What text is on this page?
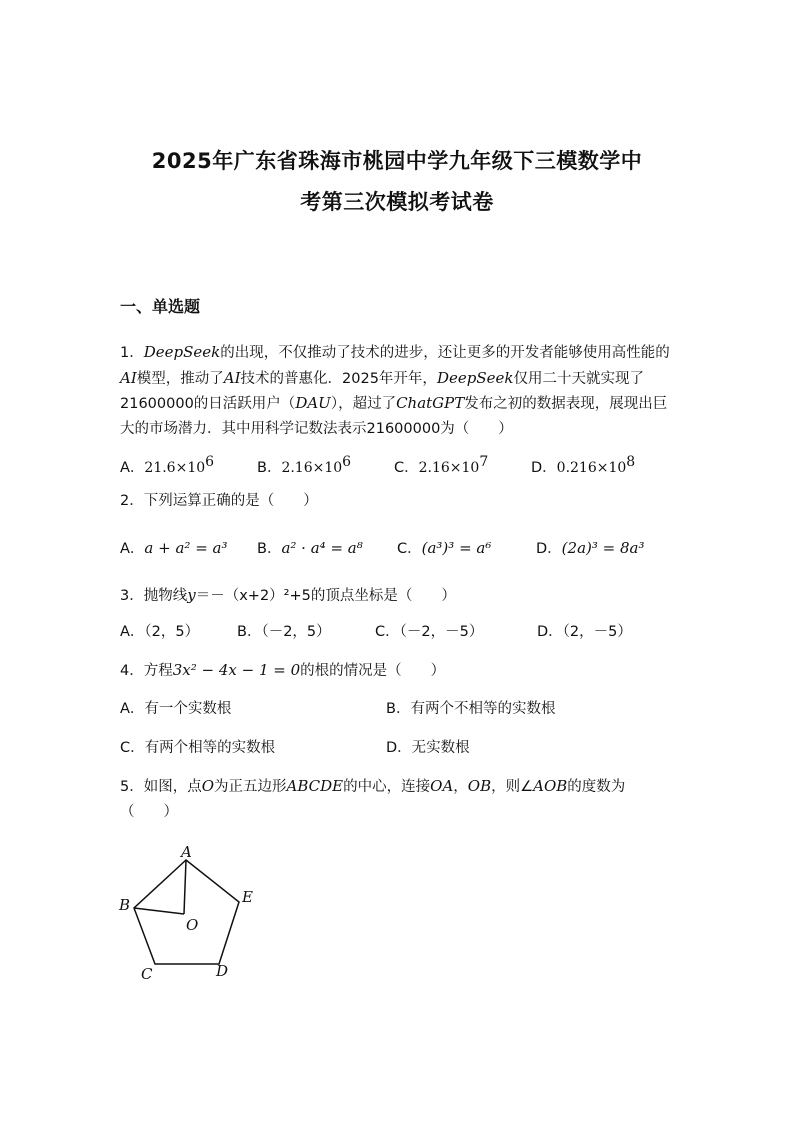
2025年广东省珠海市桃园中学九年级下三模数学中
考第三次模拟考试卷
一、单选题
1．DeepSeek的出现，不仅推动了技术的进步，还让更多的开发者能够使用高性能的AI模型，推动了AI技术的普惠化．2025年开年，DeepSeek仅用二十天就实现了21600000的日活跃用户（DAU），超过了ChatGPT发布之初的数据表现，展现出巨大的市场潜力．其中用科学记数法表示21600000为（　　）
A．$21.6\times 10^6$	B．$2.16\times 10^6$	C．$2.16\times 10^7$	D．$0.216\times 10^8$
2．下列运算正确的是（　　）
A．a + a² = a³ B．a² · a⁴ = a⁸ C．(a³)³ = a⁶	D．(2a)³ = 8a³
3．抛物线y＝－（x+2）²+5的顶点坐标是（　　）
A．（2，5）	B．（－2，5）	C．（－2，－5）	D．（2，－5）
4．方程3x² − 4x − 1 = 0的根的情况是（　　）
A．有一个实数根	B．有两个不相等的实数根
C．有两个相等的实数根	D．无实数根
5．如图，点O为正五边形ABCDE的中心，连接OA，OB，则∠AOB的度数为
（　　）
A
B
C	D
E
O
